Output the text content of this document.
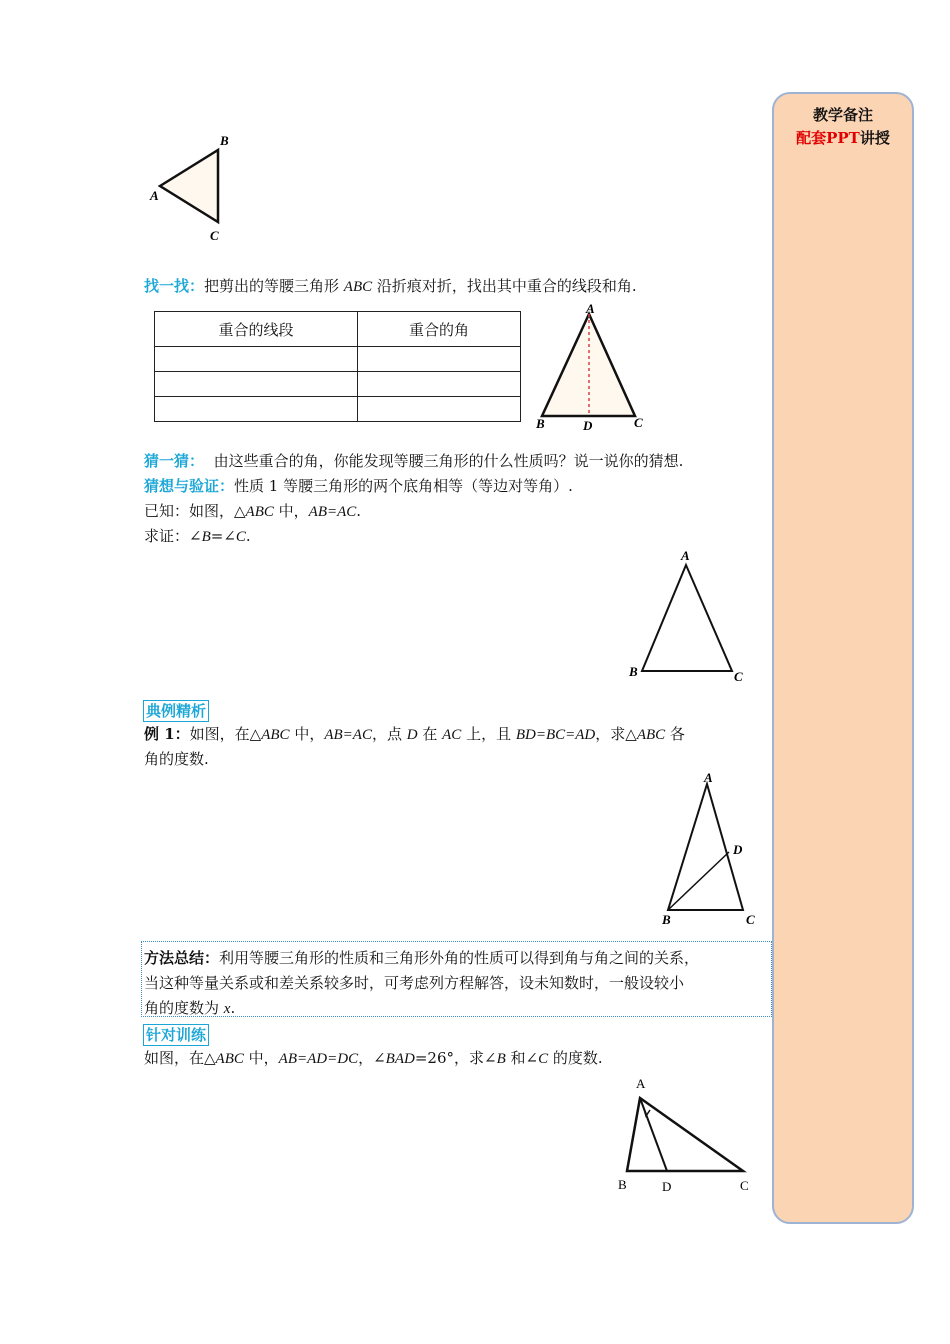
教学备注
配套PPT讲授
A
B
C
找一找：把剪出的等腰三角形 ABC 沿折痕对折，找出其中重合的线段和角.
重合的线段	重合的角

A
B	D	C
猜一猜： 由这些重合的角，你能发现等腰三角形的什么性质吗？说一说你的猜想.
猜想与验证：性质 1 等腰三角形的两个底角相等（等边对等角）.
已知：如图，△ABC 中，AB=AC.
求证：∠B=∠C.
A
B	C
典例精析
例 1：如图，在△ABC 中，AB=AC，点 D 在 AC 上，且 BD=BC=AD，求△ABC 各
角的度数.
A
D
B	C
方法总结：利用等腰三角形的性质和三角形外角的性质可以得到角与角之间的关系，
当这种等量关系或和差关系较多时，可考虑列方程解答，设未知数时，一般设较小
角的度数为 x.
针对训练
如图，在△ABC 中，AB=AD=DC，∠BAD=26°，求∠B 和∠C 的度数.
A
B	D	C
